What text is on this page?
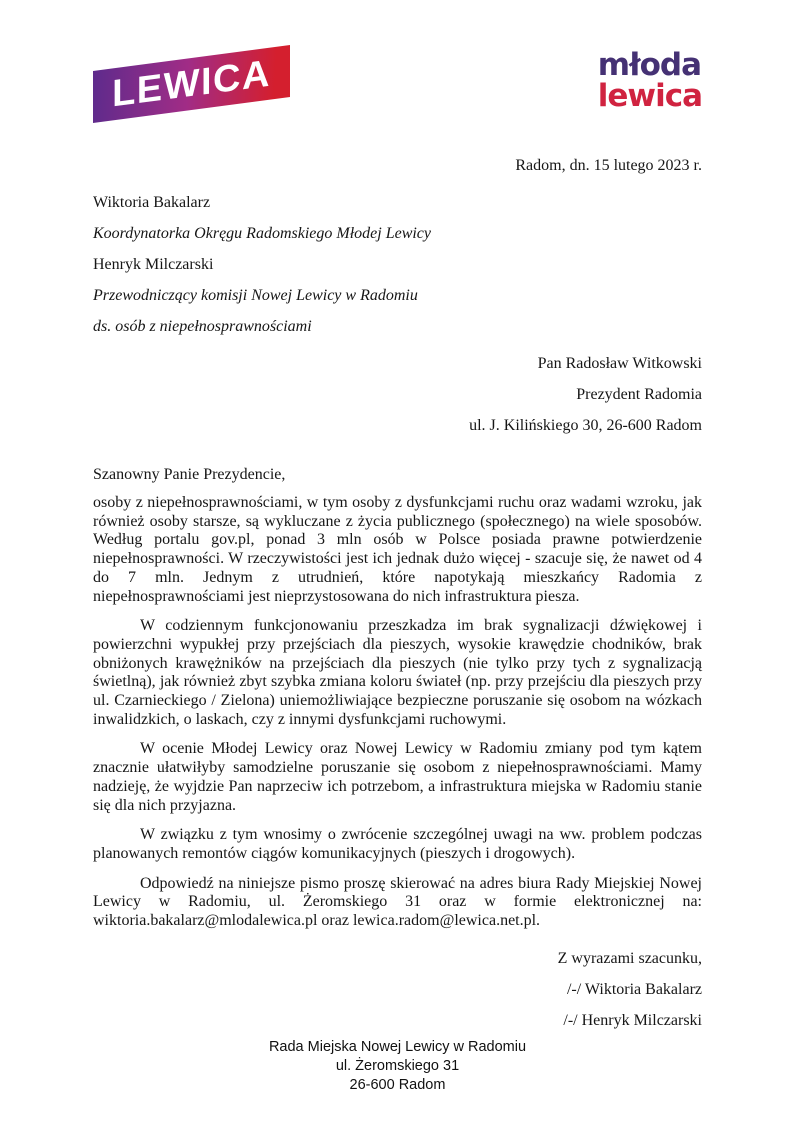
LEWICA	młoda
lewica
Radom, dn. 15 lutego 2023 r.
Wiktoria Bakalarz
Koordynatorka Okręgu Radomskiego Młodej Lewicy
Henryk Milczarski
Przewodniczący komisji Nowej Lewicy w Radomiu
ds. osób z niepełnosprawnościami
Pan Radosław Witkowski
Prezydent Radomia
ul. J. Kilińskiego 30, 26-600 Radom
Szanowny Panie Prezydencie,

osoby z niepełnosprawnościami, w tym osoby z dysfunkcjami ruchu oraz wadami wzroku, jak również osoby starsze, są wykluczane z życia publicznego (społecznego) na wiele sposobów. Według portalu gov.pl, ponad 3 mln osób w Polsce posiada prawne potwierdzenie niepełnosprawności. W rzeczywistości jest ich jednak dużo więcej - szacuje się, że nawet od 4 do 7 mln. Jednym z utrudnień, które napotykają mieszkańcy Radomia z niepełnosprawnościami jest nieprzystosowana do nich infrastruktura piesza.

W codziennym funkcjonowaniu przeszkadza im brak sygnalizacji dźwiękowej i powierzchni wypukłej przy przejściach dla pieszych, wysokie krawędzie chodników, brak obniżonych krawężników na przejściach dla pieszych (nie tylko przy tych z sygnalizacją świetlną), jak również zbyt szybka zmiana koloru świateł (np. przy przejściu dla pieszych przy ul. Czarnieckiego / Zielona) uniemożliwiające bezpieczne poruszanie się osobom na wózkach inwalidzkich, o laskach, czy z innymi dysfunkcjami ruchowymi.

W ocenie Młodej Lewicy oraz Nowej Lewicy w Radomiu zmiany pod tym kątem znacznie ułatwiłyby samodzielne poruszanie się osobom z niepełnosprawnościami. Mamy nadzieję, że wyjdzie Pan naprzeciw ich potrzebom, a infrastruktura miejska w Radomiu stanie się dla nich przyjazna.

W związku z tym wnosimy o zwrócenie szczególnej uwagi na ww. problem podczas planowanych remontów ciągów komunikacyjnych (pieszych i drogowych).

Odpowiedź na niniejsze pismo proszę skierować na adres biura Rady Miejskiej Nowej Lewicy w Radomiu, ul. Żeromskiego 31 oraz w formie elektronicznej na: wiktoria.bakalarz@mlodalewica.pl oraz lewica.radom@lewica.net.pl.

Z wyrazami szacunku,
/-/ Wiktoria Bakalarz
/-/ Henryk Milczarski
Rada Miejska Nowej Lewicy w Radomiu
ul. Żeromskiego 31
26-600 Radom
